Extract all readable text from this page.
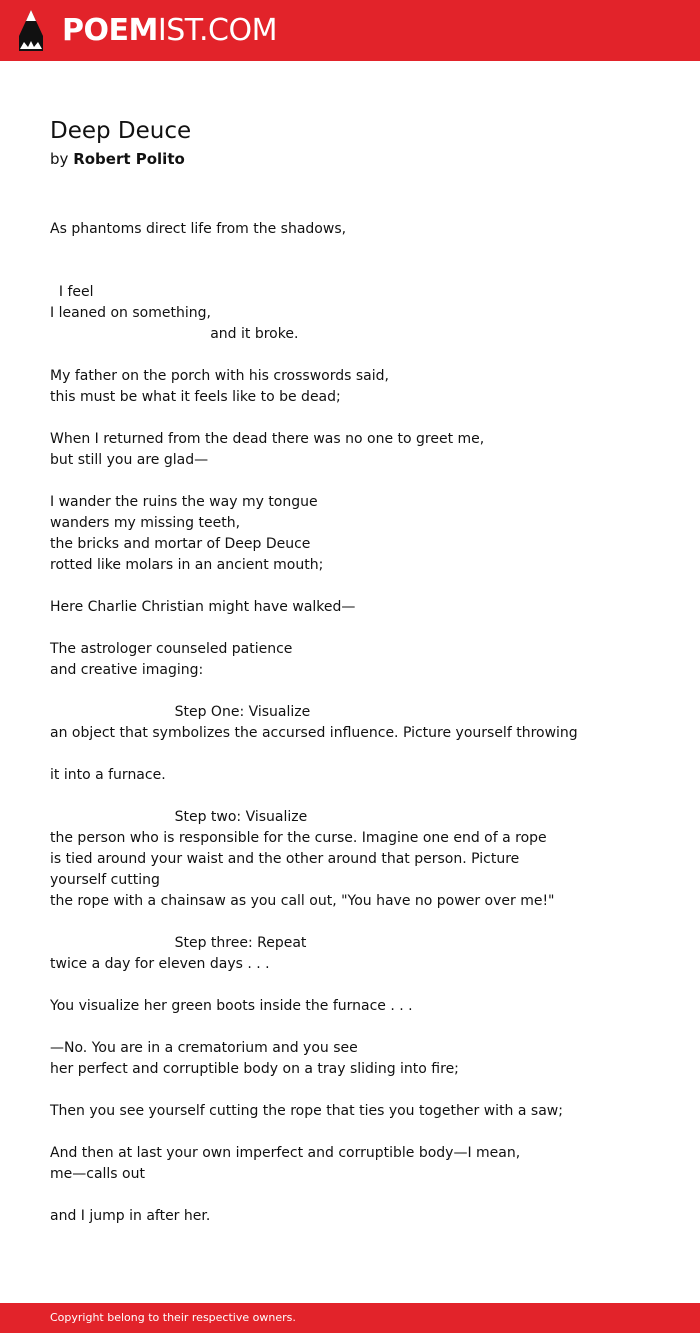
POEMIST.COM
Deep Deuce
by Robert Polito
As phantoms direct life from the shadows,
I feel
I leaned on something,
and it broke.
My father on the porch with his crosswords said,
this must be what it feels like to be dead;
When I returned from the dead there was no one to greet me,
but still you are glad—
I wander the ruins the way my tongue
wanders my missing teeth,
the bricks and mortar of Deep Deuce
rotted like molars in an ancient mouth;
Here Charlie Christian might have walked—
The astrologer counseled patience
and creative imaging:
Step One: Visualize
an object that symbolizes the accursed influence. Picture yourself throwing
it into a furnace.
Step two: Visualize
the person who is responsible for the curse. Imagine one end of a rope
is tied around your waist and the other around that person. Picture
yourself cutting
the rope with a chainsaw as you call out, "You have no power over me!"
Step three: Repeat
twice a day for eleven days . . .
You visualize her green boots inside the furnace . . .
—No. You are in a crematorium and you see
her perfect and corruptible body on a tray sliding into fire;
Then you see yourself cutting the rope that ties you together with a saw;
And then at last your own imperfect and corruptible body—I mean,
me—calls out
and I jump in after her.
Copyright belong to their respective owners.
